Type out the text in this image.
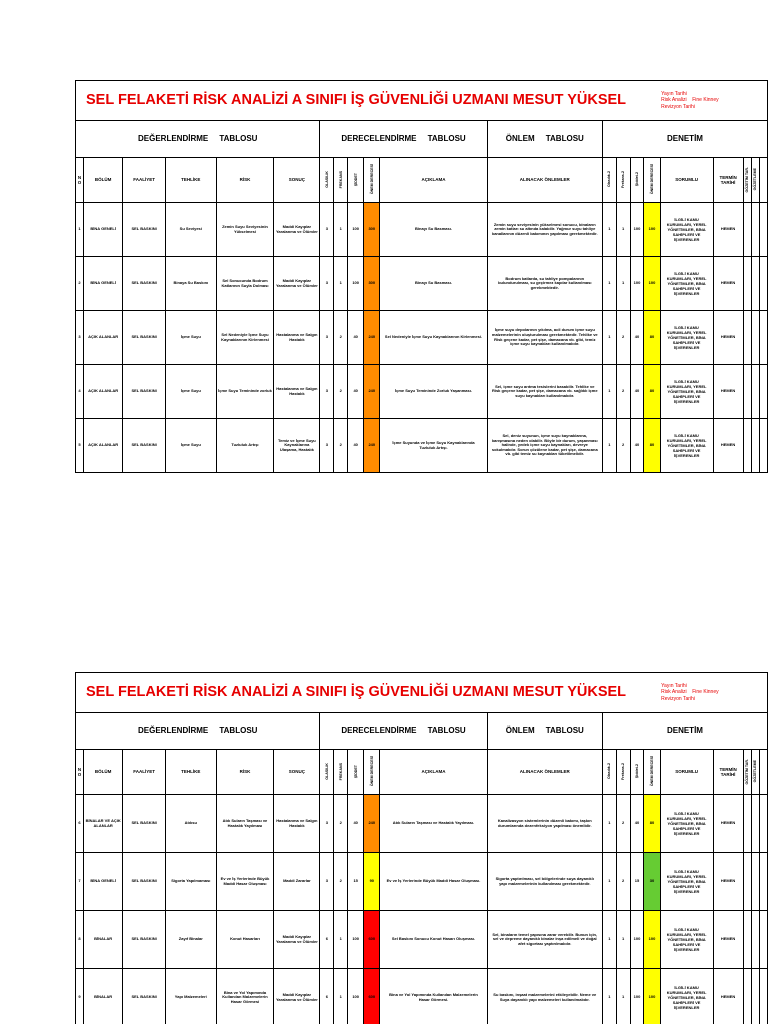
SEL FELAKETİ RİSK ANALİZİ A SINIFI İŞ GÜVENLİĞİ UZMANI MESUT YÜKSEL																Yayın Tarihi
Risk Analizi Fine Kinney
Revizyon Tarihi				

DEĞERLENDİRME TABLOSU						DERECELENDİRME TABLOSU					ÖNLEM TABLOSU	DENETİM								
NO	BÖLÜM	FAALİYET	TEHLİKE	RİSK	SONUÇ	OLASILIK	FREKANS	ŞİDDET	ÖNEM DERECESİ	AÇIKLAMA	ALINACAK ÖNLEMLER	Olasılık-2	Frekans-2	Şiddet-2	ÖNEM DERECESİ	SORUMLU	TERMİN TARİHİ	GÖZETİM TAR.	GÖZETLEME	
1	BİNA GENELİ	SEL BASKINI	Su Seviyesi	Zemin Suyu Seviyesinin Yükselmesi	Maddi Kayıplar Yaralanma ve Ölümler	3	1	100	300	Binayı Su Basması.	Zemin suyu seviyesinin yükselmesi sonucu, binaların zemin katları su altında kalabilir. Yağmur suyu tahliye kanallarının düzenli bakımının yapılması gerekmektedir.	1	1	100	100	İLGİLİ KAMU KURUMLARI, YEREL YÖNETİMLER, BİNA SAHİPLERİ VE İŞVERENLER	HEMEN			
2	BİNA GENELİ	SEL BASKINI	Binaya Su Baskını	Sel Sonucunda Bodrum Katlarının Suyla Dolması	Maddi Kayıplar Yaralanma ve Ölümler	3	1	100	300	Binayı Su Basması.	Bodrum katlarda, su tahliye pompalarının bulundurulması, su geçirmez kapılar kullanılması gerekmektedir.	1	1	100	100	İLGİLİ KAMU KURUMLARI, YEREL YÖNETİMLER, BİNA SAHİPLERİ VE İŞVERENLER	HEMEN			
3	AÇIK ALANLAR	SEL BASKINI	İçme Suyu	Sel Nedeniyle İçme Suyu Kaynaklarının Kirlenmesi	Hastalanma ve Salgın Hastalık	3	2	40	240	Sel Nedeniyle İçme Suyu Kaynaklarının Kirlenmesi.	İçme suyu depolarının yıkılma, acil durum içme suyu malzemelerinin oluşturulması gerekmektedir. Tehlike ve Risk geçene kadar, pet şişe, damacana vb. gibi, temiz içme suyu kaynakları kullanılmalıdır.	1	2	40	80	İLGİLİ KAMU KURUMLARI, YEREL YÖNETİMLER, BİNA SAHİPLERİ VE İŞVERENLER	HEMEN			
4	AÇIK ALANLAR	SEL BASKINI	İçme Suyu	İçme Suyu Temininde zorluk	Hastalanma ve Salgın Hastalık	3	2	40	240	İçme Suyu Temininde Zorluk Yaşanması.	Sel, içme suyu arıtma tesislerini basabilir. Tehlike ve Risk geçene kadar, pet şişe, damacana vb. sağlıklı içme suyu kaynakları kullanılmalıdır.	1	2	40	80	İLGİLİ KAMU KURUMLARI, YEREL YÖNETİMLER, BİNA SAHİPLERİ VE İŞVERENLER	HEMEN			
5	AÇIK ALANLAR	SEL BASKINI	İçme Suyu	Tuzluluk Artışı	Temiz ve İçme Suyu Kaynaklarına Ulaşama, Hastalık	3	2	40	240	İçme Suyunda ve İçme Suyu Kaynaklarında Tuzluluk Artışı.	Sel, deniz suyunun, içme suyu kaynaklarına, karışmasına neden olabilir. Böyle bir durum, yaşanması halinde, yedek içme suyu kaynakları, devreye sokulmalıdır. Sorun çözülene kadar, pet şişe, damacana vb. gibi temiz su kaynakları tüketilmelidir.	1	2	40	80	İLGİLİ KAMU KURUMLARI, YEREL YÖNETİMLER, BİNA SAHİPLERİ VE İŞVERENLER	HEMEN			
SEL FELAKETİ RİSK ANALİZİ A SINIFI İŞ GÜVENLİĞİ UZMANI MESUT YÜKSEL																Yayın Tarihi
Risk Analizi Fine Kinney
Revizyon Tarihi				

DEĞERLENDİRME TABLOSU						DERECELENDİRME TABLOSU					ÖNLEM TABLOSU	DENETİM								
NO	BÖLÜM	FAALİYET	TEHLİKE	RİSK	SONUÇ	OLASILIK	FREKANS	ŞİDDET	ÖNEM DERECESİ	AÇIKLAMA	ALINACAK ÖNLEMLER	Olasılık-2	Frekans-2	Şiddet-2	ÖNEM DERECESİ	SORUMLU	TERMİN TARİHİ	GÖZETİM TAR.	GÖZETLEME	
6	BİNALAR VE AÇIK ALANLAR	SEL BASKINI	Atıksu	Atık Suların Taşması ve Hastalık Yayılması	Hastalanma ve Salgın Hastalık	3	2	40	240	Atık Suların Taşması ve Hastalık Yayılması.	Kanalizasyon sistemlerinin düzenli bakımı, taşkın durumlarında dezenfeksiyon yapılması önemlidir.	1	2	40	80	İLGİLİ KAMU KURUMLARI, YEREL YÖNETİMLER, BİNA SAHİPLERİ VE İŞVERENLER	HEMEN			
7	BİNA GENELİ	SEL BASKINI	Sigorta Yapılmaması	Ev ve İş Yerlerinde Büyük Maddi Hasar Oluşması	Maddi Zararlar	3	2	15	90	Ev ve İş Yerlerinde Büyük Maddi Hasar Oluşması.	Sigorta yaptırılması, sel bölgelerinde suya dayanıklı yapı malzemelerinin kullanılması gerekmektedir.	1	2	15	30	İLGİLİ KAMU KURUMLARI, YEREL YÖNETİMLER, BİNA SAHİPLERİ VE İŞVERENLER	HEMEN			
8	BİNALAR	SEL BASKINI	Zayıf Binalar	Konut Hasarları	Maddi Kayıplar Yaralanma ve Ölümler	6	1	100	600	Sel Baskını Sonucu Konut Hasarı Oluşması.	Sel, binaların temel yapısına zarar verebilir. Bunun için, sel ve depreme dayanıklı binalar inşa edilmeli ve doğal afet sigortası yaptırılmalıdır.	1	1	100	100	İLGİLİ KAMU KURUMLARI, YEREL YÖNETİMLER, BİNA SAHİPLERİ VE İŞVERENLER	HEMEN			
9	BİNALAR	SEL BASKINI	Yapı Malzemeleri	Bina ve Yol Yapımında Kullanılan Malzemelerin Hasar Görmesi	Maddi Kayıplar Yaralanma ve Ölümler	6	1	100	600	Bina ve Yol Yapımında Kullanılan Malzemelerin Hasar Görmesi.	Su baskını, inşaat malzemelerini etkileyebilir. Neme ve Suya dayanıklı yapı malzemeleri kullanılmalıdır.	1	1	100	100	İLGİLİ KAMU KURUMLARI, YEREL YÖNETİMLER, BİNA SAHİPLERİ VE İŞVERENLER	HEMEN			
